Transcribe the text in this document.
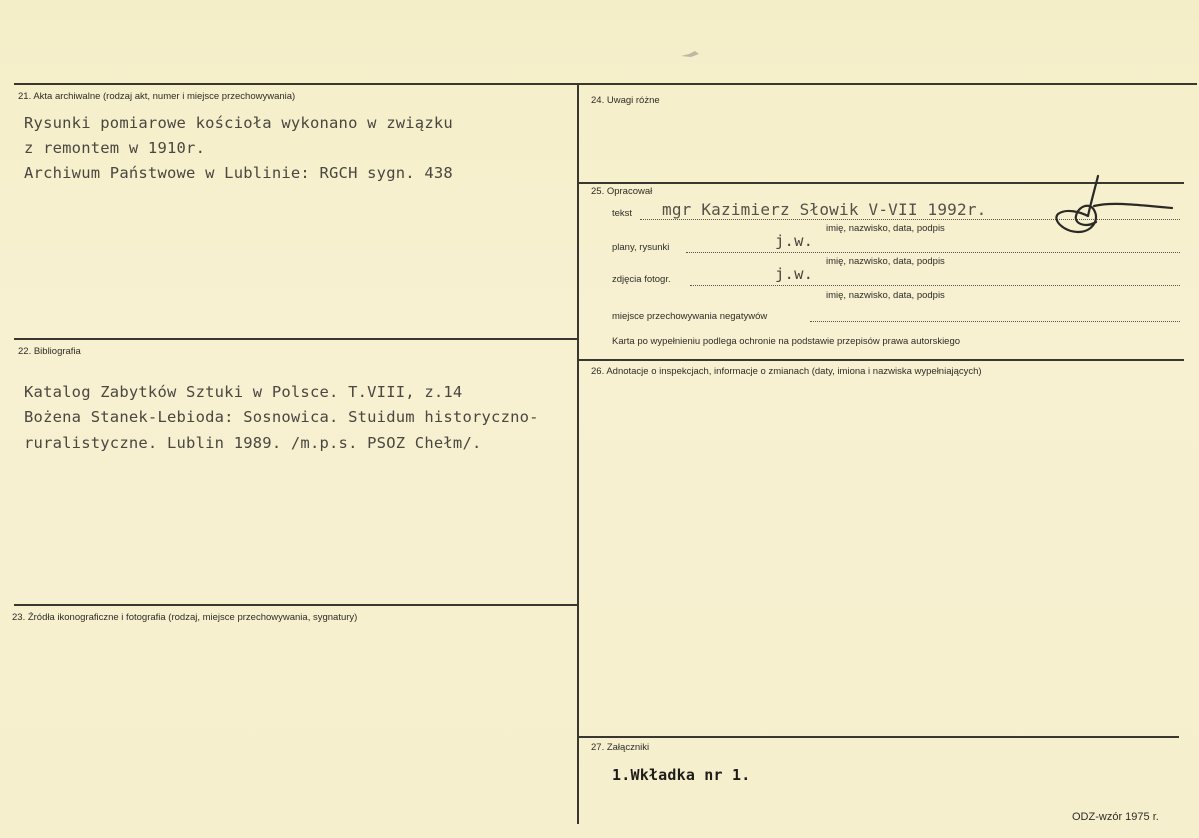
21. Akta archiwalne (rodzaj akt, numer i miejsce przechowywania)
Rysunki pomiarowe kościoła wykonano w związku
z remontem w 1910r.
Archiwum Państwowe w Lublinie: RGCH sygn. 438
22. Bibliografia
Katalog Zabytków Sztuki w Polsce. T.VIII, z.14
Bożena Stanek-Lebioda: Sosnowica. Stuidum historyczno-
ruralistyczne. Lublin 1989. /m.p.s. PSOZ Chełm/.
23. Źródła ikonograficzne i fotografia (rodzaj, miejsce przechowywania, sygnatury)
24. Uwagi różne
25. Opracował
tekst mgr Kazimierz Słowik V-VII 1992r.
imię, nazwisko, data, podpis
plany, rysunki	j.w.
imię, nazwisko, data, podpis
zdjęcia fotogr.	j.w.
imię, nazwisko, data, podpis
miejsce przechowywania negatywów
Karta po wypełnieniu podlega ochronie na podstawie przepisów prawa autorskiego
26. Adnotacje o inspekcjach, informacje o zmianach (daty, imiona i nazwiska wypełniających)
27. Załączniki
1.Wkładka nr 1.
ODZ-wzór 1975 r.
